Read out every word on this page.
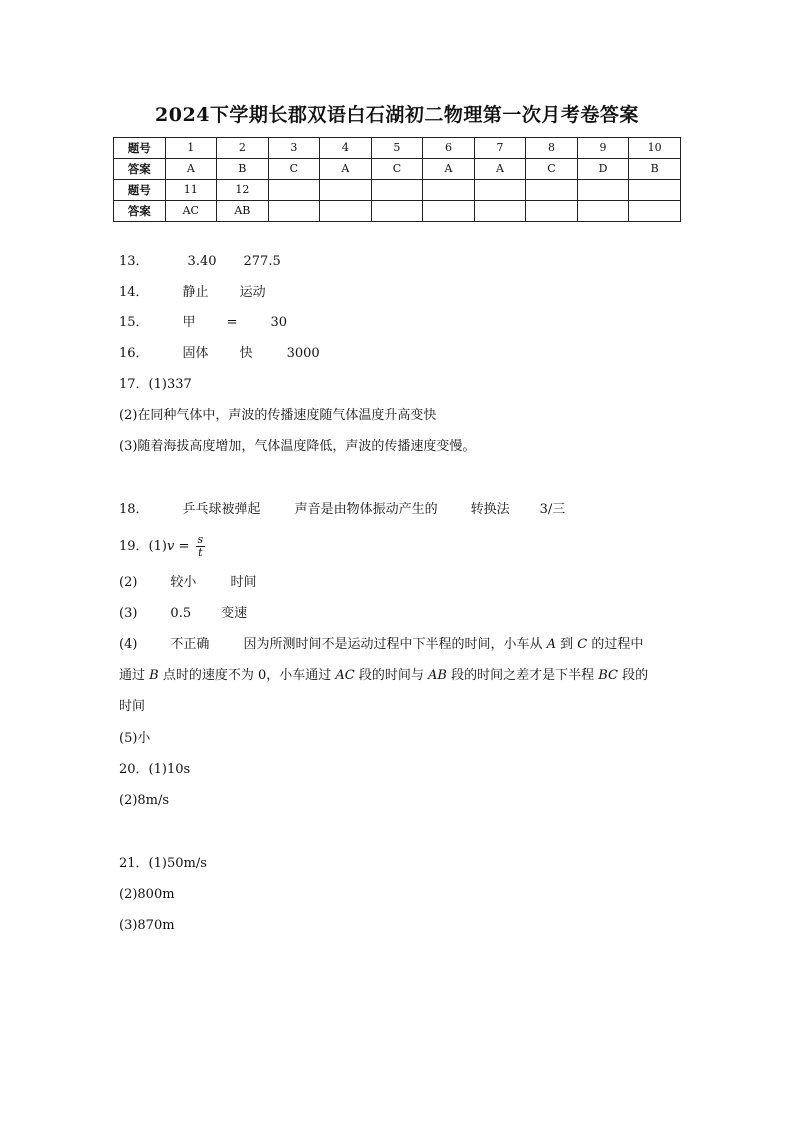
2024下学期长郡双语白石湖初二物理第一次月考卷答案
题号	1	2	3	4	5	6	7	8	9	10
答案	A	B	C	A	C	A	A	C	D	B
题号	11	12								
答案	AC	AB								
13．	3.40 277.5
14．	静止 运动
15．	甲 =	30
16．	固体 快	3000
17．(1)337
(2)在同种气体中，声波的传播速度随气体温度升高变快
(3)随着海拔高度增加，气体温度降低，声波的传播速度变慢。
18．	乒乓球被弹起	声音是由物体振动产生的	转换法 3/三
19．$(1)v = \frac{s}{t}$
(2)	较小	时间
(3)	0.5 变速
(4)	不正确	因为所测时间不是运动过程中下半程的时间，小车从 A 到 C 的过程中
通过 B 点时的速度不为 0，小车通过 AC 段的时间与 AB 段的时间之差才是下半程 BC 段的
时间
(5)小
20．(1)10s
(2)8m/s
21．(1)50m/s
(2)800m
(3)870m
